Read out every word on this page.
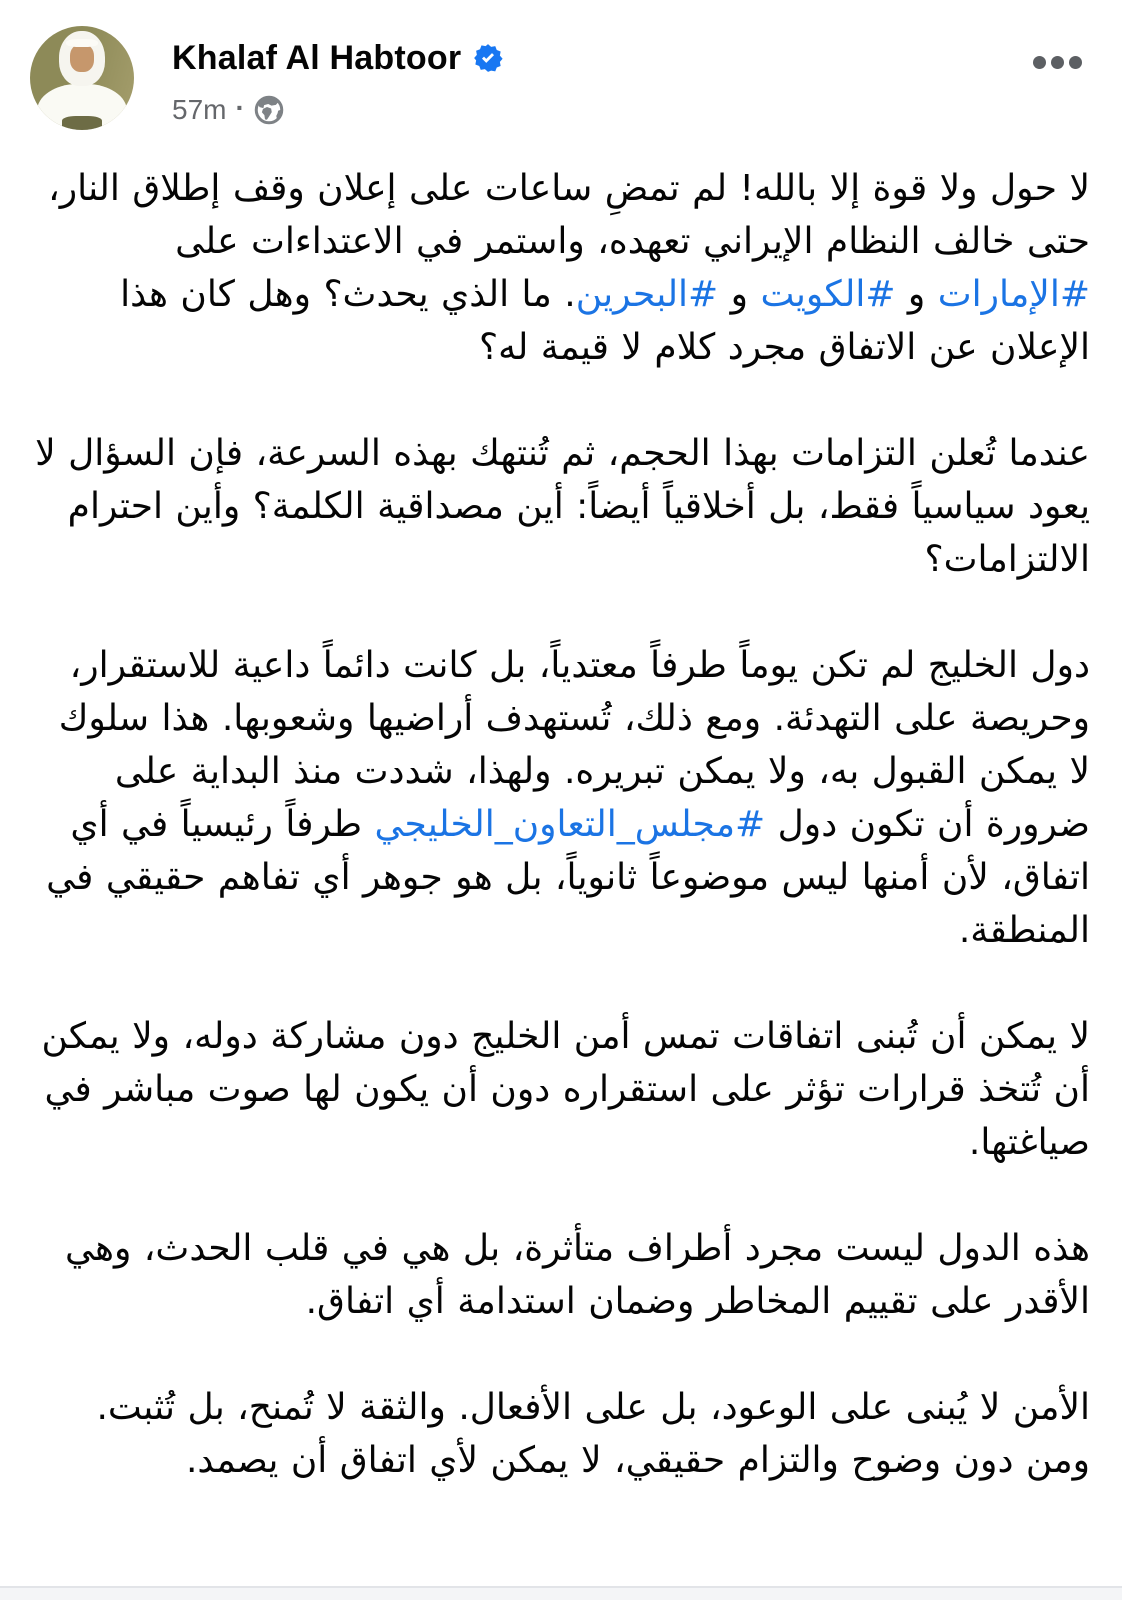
Khalaf Al Habtoor
57m ·
لا حول ولا قوة إلا بالله! لم تمضِ ساعات على إعلان وقف إطلاق النار، حتى خالف النظام الإيراني تعهده، واستمر في الاعتداءات على #الإمارات و #الكويت و #البحرين. ما الذي يحدث؟ وهل كان هذا الإعلان عن الاتفاق مجرد كلام لا قيمة له؟
عندما تُعلن التزامات بهذا الحجم، ثم تُنتهك بهذه السرعة، فإن السؤال لا يعود سياسياً فقط، بل أخلاقياً أيضاً: أين مصداقية الكلمة؟ وأين احترام الالتزامات؟
دول الخليج لم تكن يوماً طرفاً معتدياً، بل كانت دائماً داعية للاستقرار، وحريصة على التهدئة. ومع ذلك، تُستهدف أراضيها وشعوبها. هذا سلوك لا يمكن القبول به، ولا يمكن تبريره. ولهذا، شددت منذ البداية على ضرورة أن تكون دول #مجلس_التعاون_الخليجي طرفاً رئيسياً في أي اتفاق، لأن أمنها ليس موضوعاً ثانوياً، بل هو جوهر أي تفاهم حقيقي في المنطقة.
لا يمكن أن تُبنى اتفاقات تمس أمن الخليج دون مشاركة دوله، ولا يمكن أن تُتخذ قرارات تؤثر على استقراره دون أن يكون لها صوت مباشر في صياغتها.
هذه الدول ليست مجرد أطراف متأثرة، بل هي في قلب الحدث، وهي الأقدر على تقييم المخاطر وضمان استدامة أي اتفاق.
الأمن لا يُبنى على الوعود، بل على الأفعال. والثقة لا تُمنح، بل تُثبت. ومن دون وضوح والتزام حقيقي، لا يمكن لأي اتفاق أن يصمد.
